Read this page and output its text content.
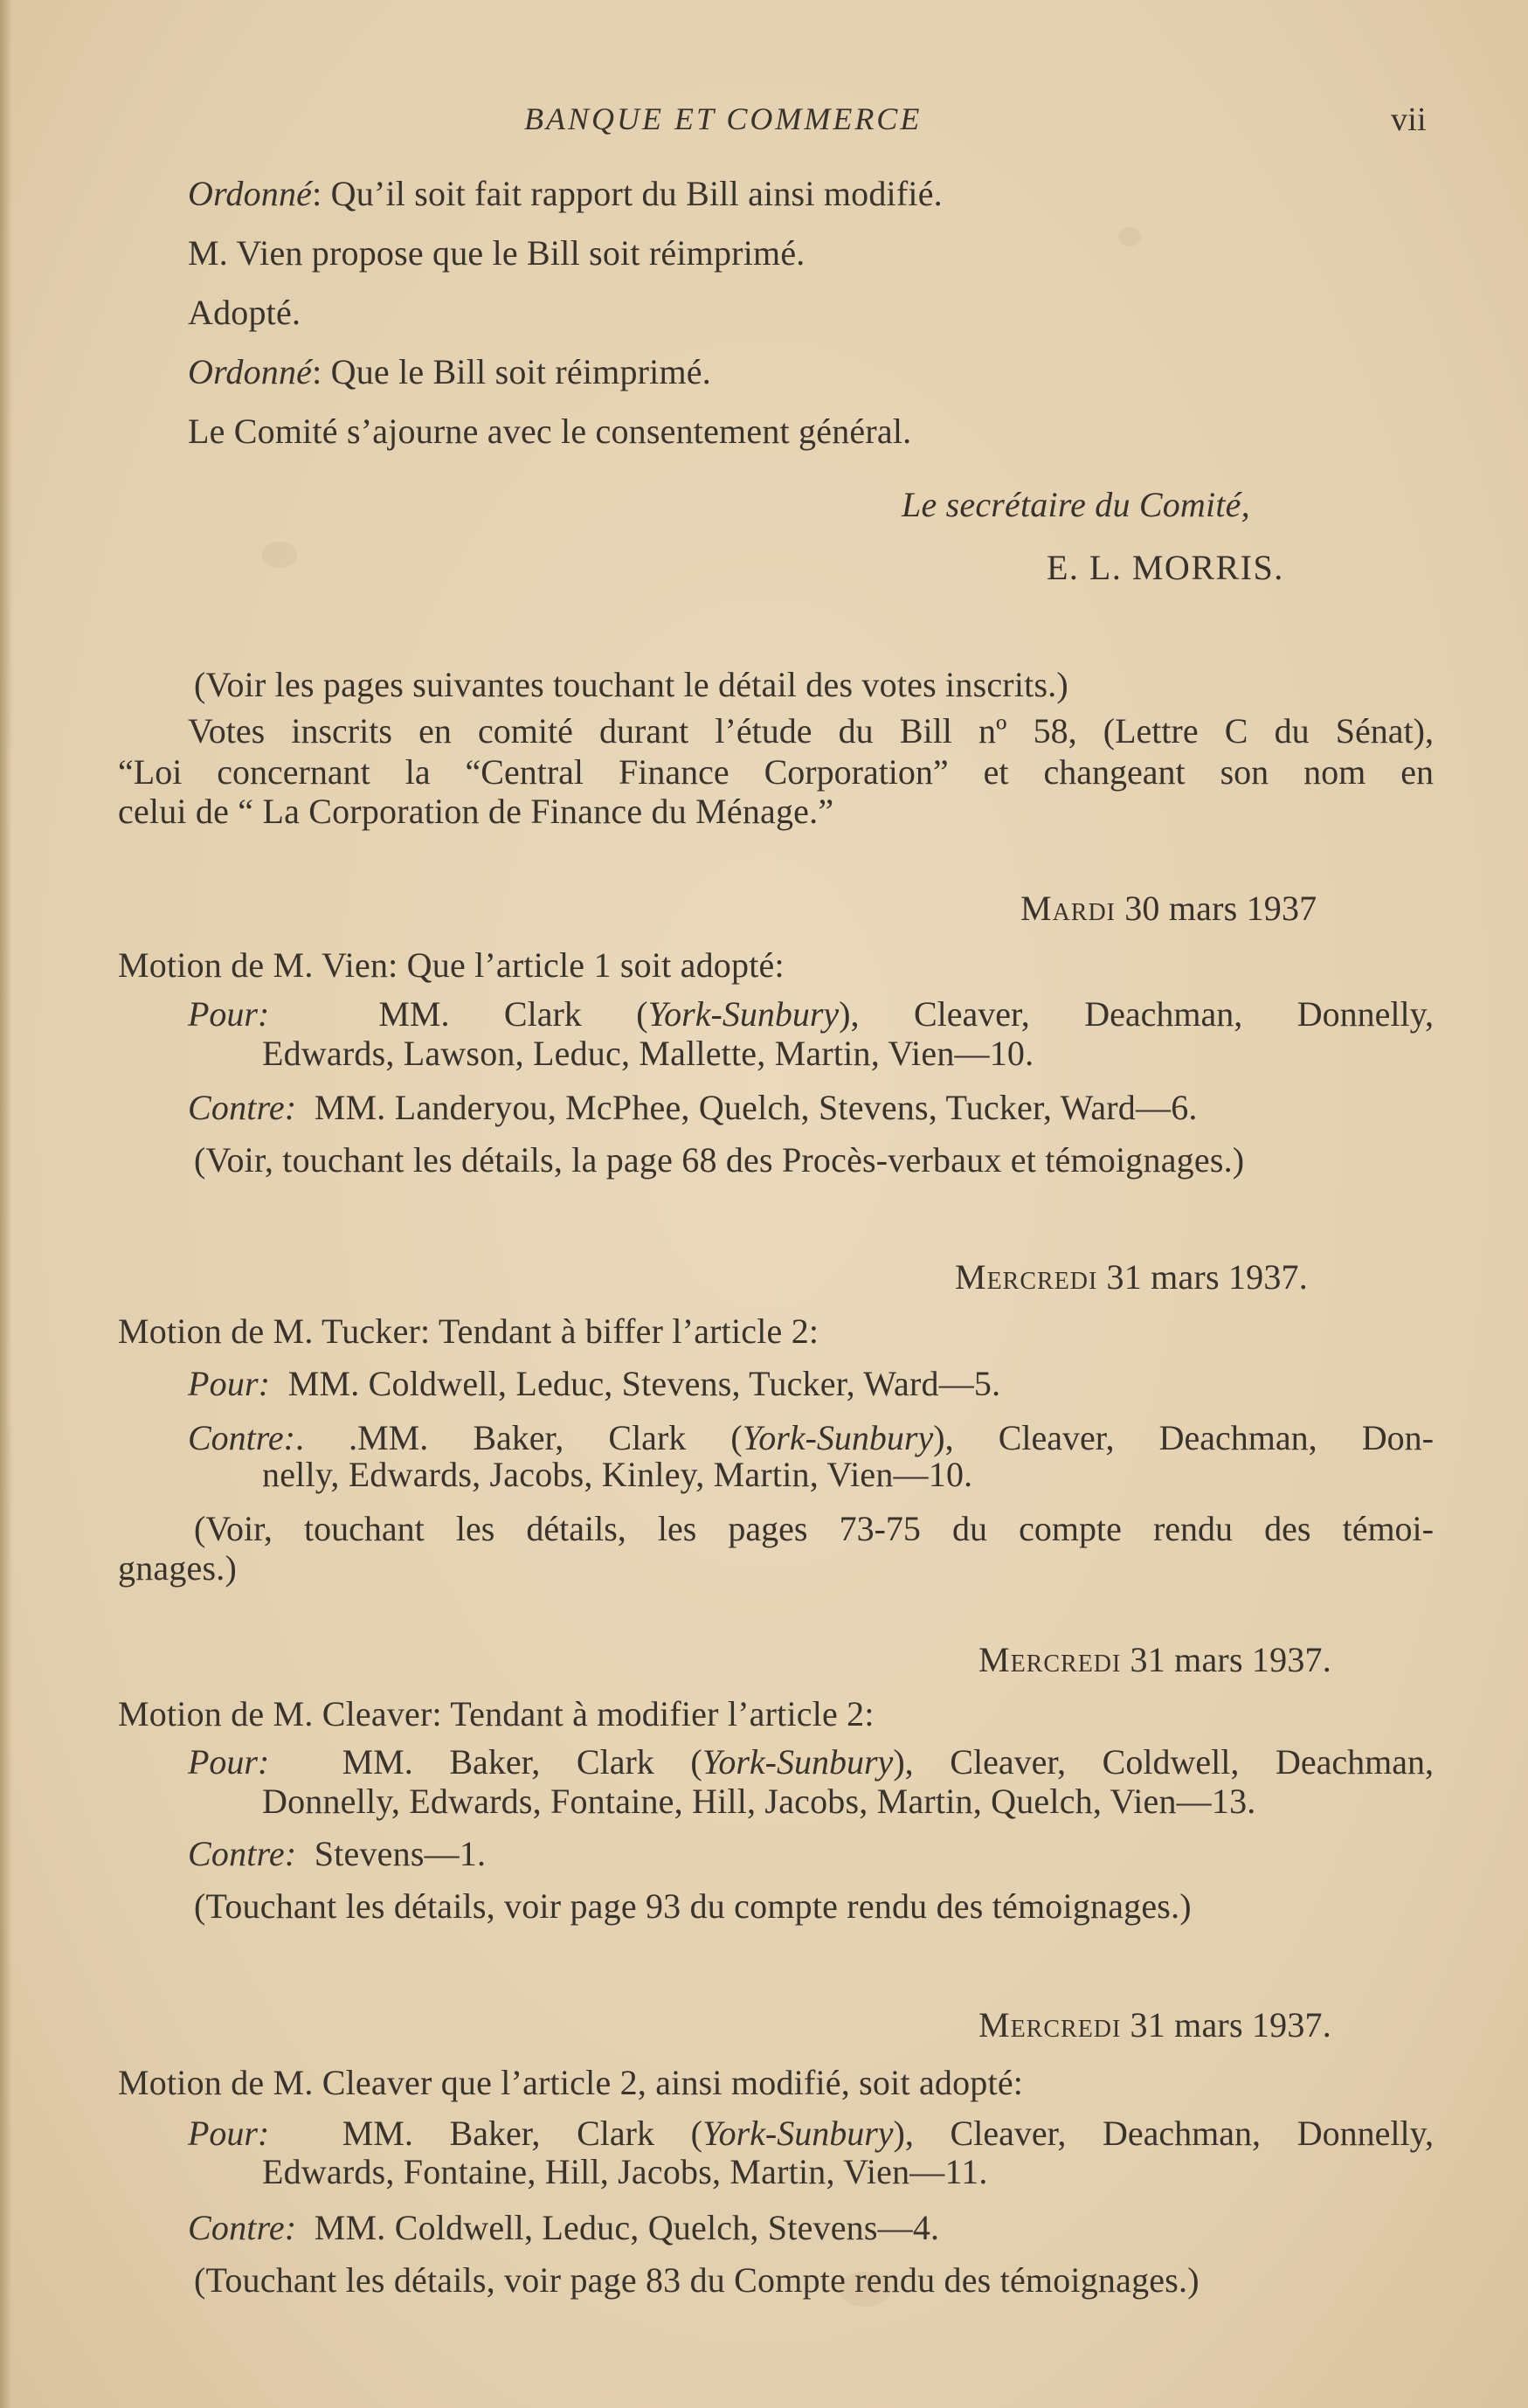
BANQUE ET COMMERCE	vii
Ordonné: Qu’il soit fait rapport du Bill ainsi modifié.
M. Vien propose que le Bill soit réimprimé.
Adopté.
Ordonné: Que le Bill soit réimprimé.
Le Comité s’ajourne avec le consentement général.
Le secrétaire du Comité,
E. L. MORRIS.
(Voir les pages suivantes touchant le détail des votes inscrits.)
Votes inscrits en comité durant l’étude du Bill nº 58, (Lettre C du Sénat),
“Loi concernant la “Central Finance Corporation” et changeant son nom en
celui de “ La Corporation de Finance du Ménage.”
Mardi 30 mars 1937
Motion de M. Vien: Que l’article 1 soit adopté:
Pour:	MM. Clark (York-Sunbury), Cleaver, Deachman, Donnelly,
Edwards, Lawson, Leduc, Mallette, Martin, Vien—10.
Contre: MM. Landeryou, McPhee, Quelch, Stevens, Tucker, Ward—6.
(Voir, touchant les détails, la page 68 des Procès-verbaux et témoignages.)
Mercredi 31 mars 1937.
Motion de M. Tucker: Tendant à biffer l’article 2:
Pour: MM. Coldwell, Leduc, Stevens, Tucker, Ward—5.
Contre:. .MM. Baker, Clark (York-Sunbury), Cleaver, Deachman, Don-
nelly, Edwards, Jacobs, Kinley, Martin, Vien—10.
(Voir, touchant les détails, les pages 73-75 du compte rendu des témoi-
gnages.)
Mercredi 31 mars 1937.
Motion de M. Cleaver: Tendant à modifier l’article 2:
Pour: MM. Baker, Clark (York-Sunbury), Cleaver, Coldwell, Deachman,
Donnelly, Edwards, Fontaine, Hill, Jacobs, Martin, Quelch, Vien—13.
Contre: Stevens—1.
(Touchant les détails, voir page 93 du compte rendu des témoignages.)
Mercredi 31 mars 1937.
Motion de M. Cleaver que l’article 2, ainsi modifié, soit adopté:
Pour: MM. Baker, Clark (York-Sunbury), Cleaver, Deachman, Donnelly,
Edwards, Fontaine, Hill, Jacobs, Martin, Vien—11.
Contre: MM. Coldwell, Leduc, Quelch, Stevens—4.
(Touchant les détails, voir page 83 du Compte rendu des témoignages.)
